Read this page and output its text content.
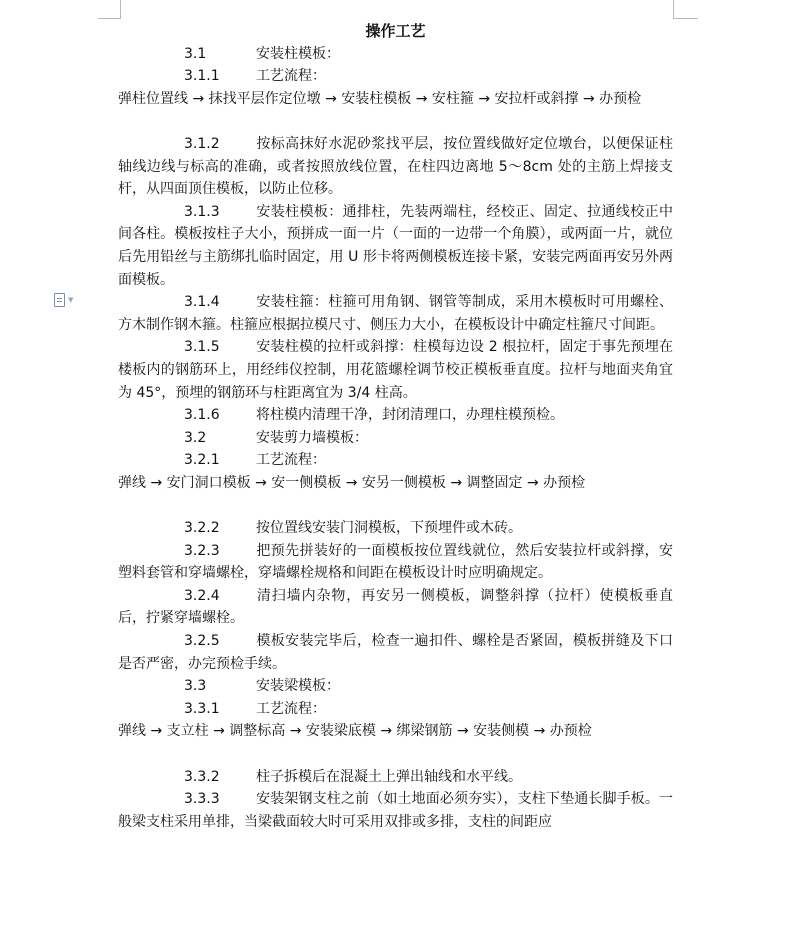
▼

操作工艺

3.1	安装柱模板：

3.1.1	工艺流程：

弹柱位置线 → 抹找平层作定位墩 → 安装柱模板 → 安柱箍 → 安拉杆或斜撑 → 办预检

3.1.2	按标高抹好水泥砂浆找平层，按位置线做好定位墩台，以便保证柱轴线边线与标高的准确，或者按照放线位置，在柱四边离地 5～8cm 处的主筋上焊接支杆，从四面顶住模板，以防止位移。

3.1.3	安装柱模板：通排柱，先装两端柱，经校正、固定、拉通线校正中间各柱。模板按柱子大小，预拼成一面一片（一面的一边带一个角膜），或两面一片，就位后先用铅丝与主筋绑扎临时固定，用 U 形卡将两侧模板连接卡紧，安装完两面再安另外两面模板。

3.1.4	安装柱箍：柱箍可用角钢、钢管等制成，采用木模板时可用螺栓、方木制作钢木箍。柱箍应根据拉模尺寸、侧压力大小，在模板设计中确定柱箍尺寸间距。

3.1.5	安装柱模的拉杆或斜撑：柱模每边设 2 根拉杆，固定于事先预埋在楼板内的钢筋环上，用经纬仪控制，用花篮螺栓调节校正模板垂直度。拉杆与地面夹角宜为 45°，预埋的钢筋环与柱距离宜为 3/4 柱高。

3.1.6	将柱模内清理干净，封闭清理口，办理柱模预检。

3.2	安装剪力墙模板：

3.2.1	工艺流程：

弹线 → 安门洞口模板 → 安一侧模板 → 安另一侧模板 → 调整固定 → 办预检

3.2.2	按位置线安装门洞模板，下预埋件或木砖。

3.2.3	把预先拼装好的一面模板按位置线就位，然后安装拉杆或斜撑，安塑料套管和穿墙螺栓，穿墙螺栓规格和间距在模板设计时应明确规定。

3.2.4	清扫墙内杂物，再安另一侧模板，调整斜撑（拉杆）使模板垂直后，拧紧穿墙螺栓。

3.2.5	模板安装完毕后，检查一遍扣件、螺栓是否紧固，模板拼缝及下口是否严密，办完预检手续。

3.3	安装梁模板：

3.3.1	工艺流程：

弹线 → 支立柱 → 调整标高 → 安装梁底模 → 绑梁钢筋 → 安装侧模 → 办预检

3.3.2	柱子拆模后在混凝土上弹出轴线和水平线。

3.3.3	安装架钢支柱之前（如土地面必须夯实），支柱下垫通长脚手板。一般梁支柱采用单排，当梁截面较大时可采用双排或多排，支柱的间距应
